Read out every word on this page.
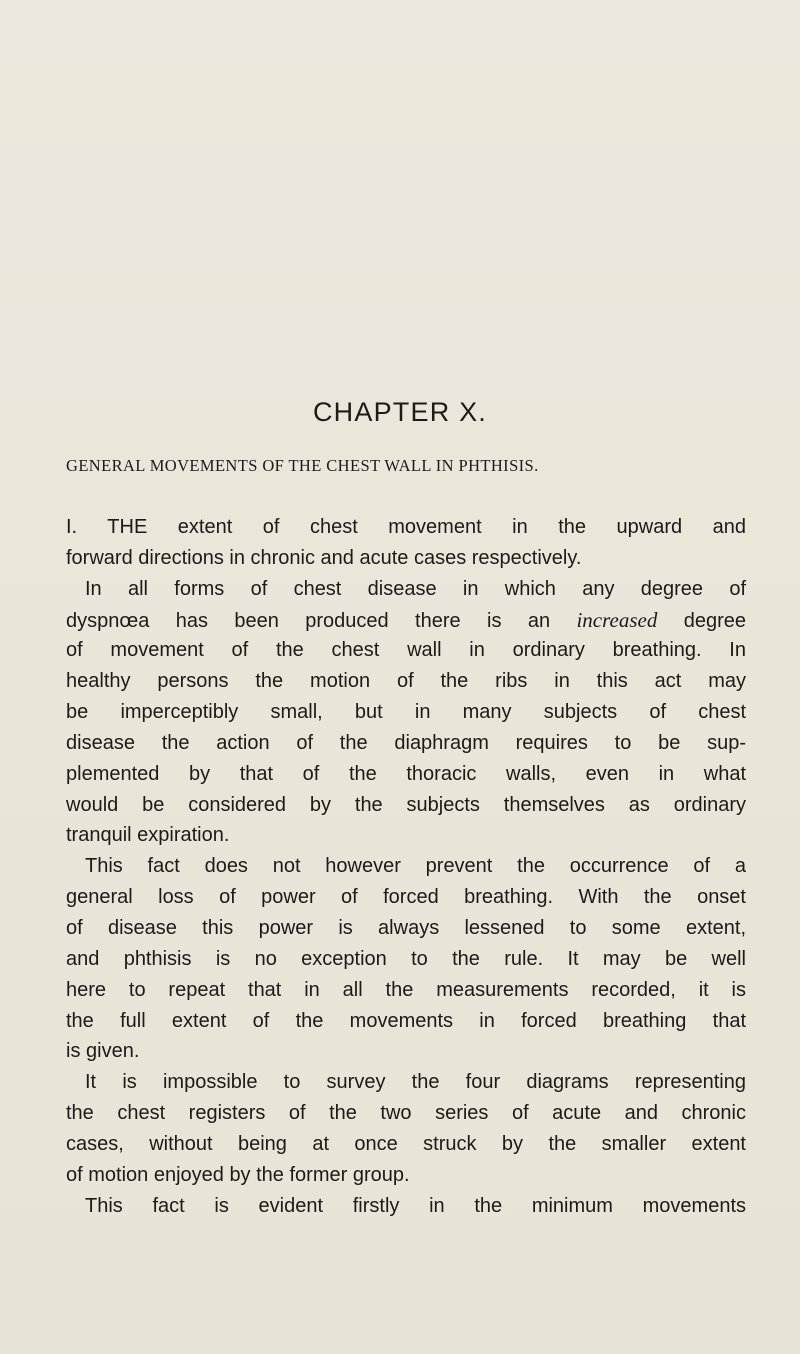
CHAPTER X.
GENERAL MOVEMENTS OF THE CHEST WALL IN PHTHISIS.
I. THE extent of chest movement in the upward and
forward directions in chronic and acute cases respectively.
In all forms of chest disease in which any degree of
dyspnœa has been produced there is an increased degree
of movement of the chest wall in ordinary breathing. In
healthy persons the motion of the ribs in this act may
be imperceptibly small, but in many subjects of chest
disease the action of the diaphragm requires to be sup-
plemented by that of the thoracic walls, even in what
would be considered by the subjects themselves as ordinary
tranquil expiration.
This fact does not however prevent the occurrence of a
general loss of power of forced breathing. With the onset
of disease this power is always lessened to some extent,
and phthisis is no exception to the rule. It may be well
here to repeat that in all the measurements recorded, it is
the full extent of the movements in forced breathing that
is given.
It is impossible to survey the four diagrams representing
the chest registers of the two series of acute and chronic
cases, without being at once struck by the smaller extent
of motion enjoyed by the former group.
This fact is evident firstly in the minimum movements
